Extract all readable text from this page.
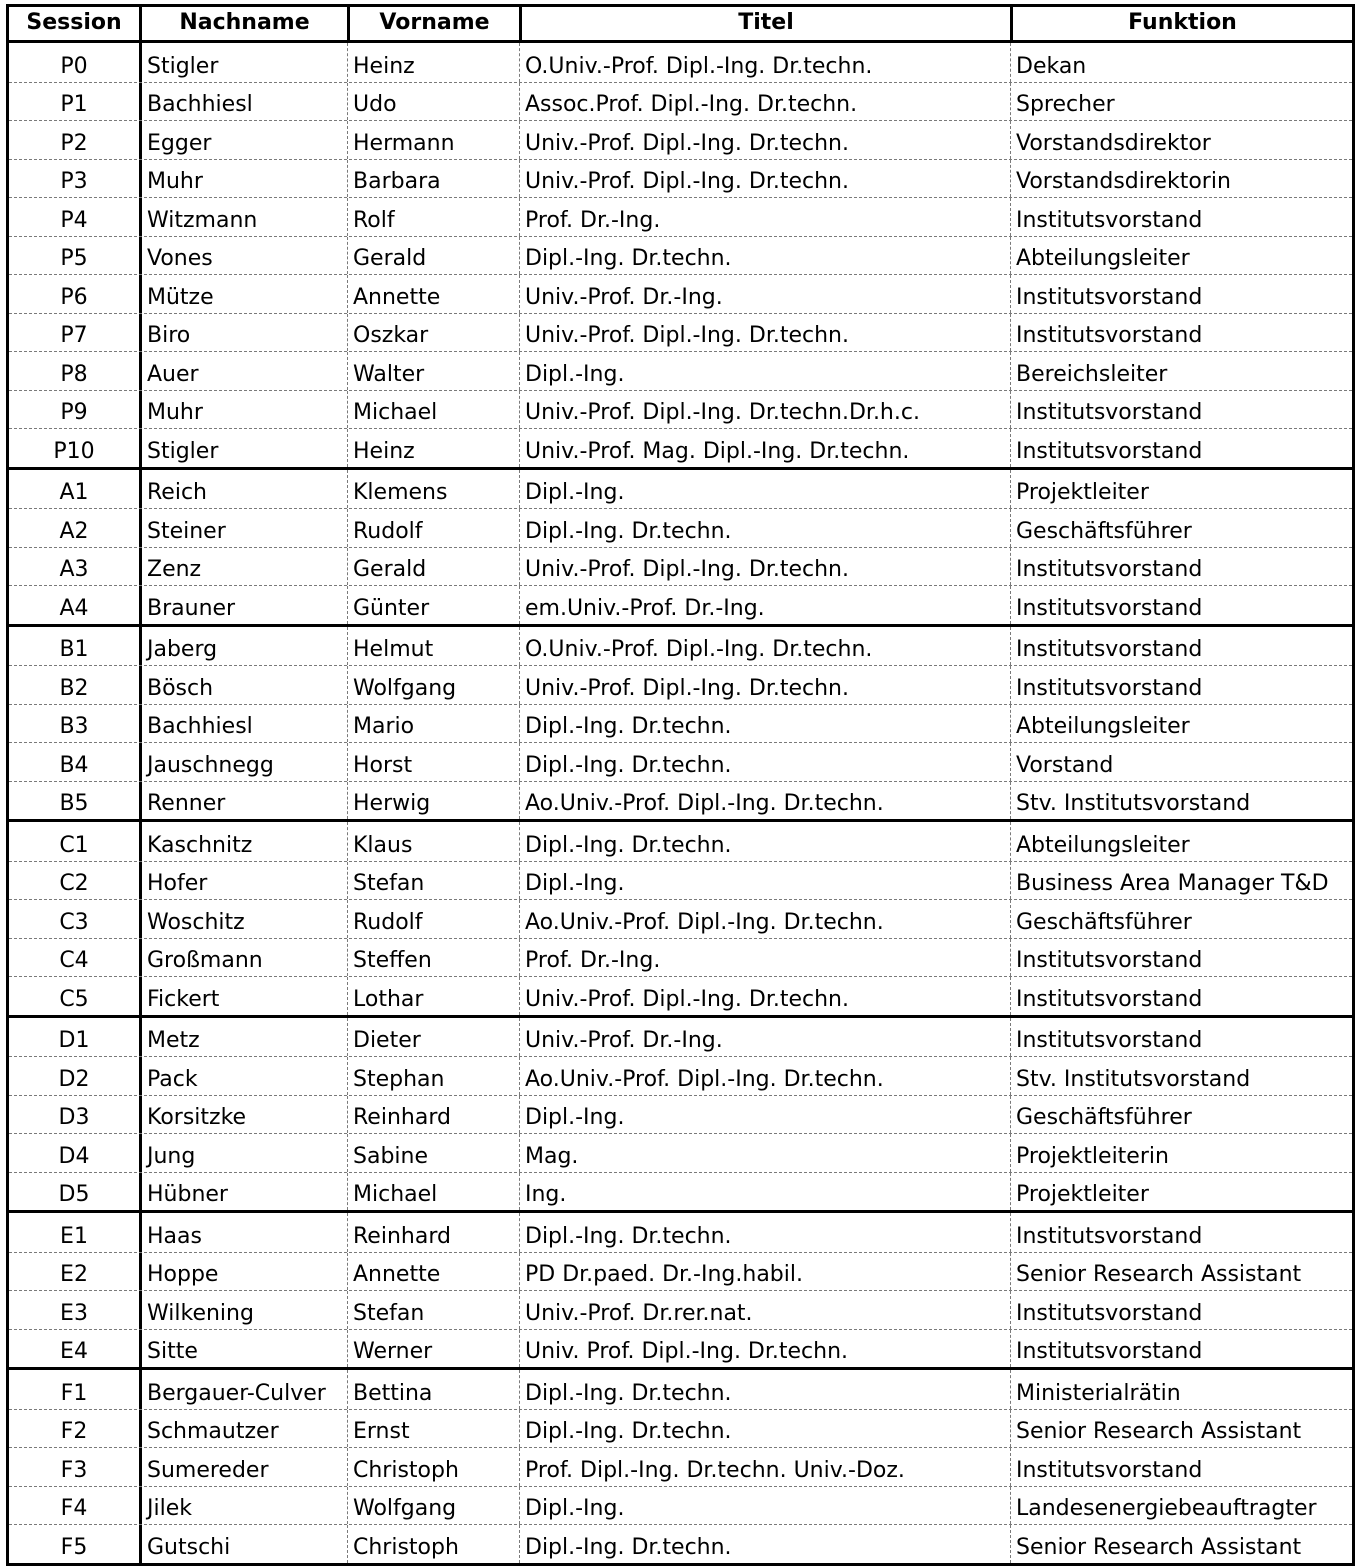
Session	Nachname	Vorname	Titel	Funktion
P0	Stigler	Heinz	O.Univ.-Prof. Dipl.-Ing. Dr.techn.	Dekan
P1	Bachhiesl	Udo	Assoc.Prof. Dipl.-Ing. Dr.techn.	Sprecher
P2	Egger	Hermann	Univ.-Prof. Dipl.-Ing. Dr.techn.	Vorstandsdirektor
P3	Muhr	Barbara	Univ.-Prof. Dipl.-Ing. Dr.techn.	Vorstandsdirektorin
P4	Witzmann	Rolf	Prof. Dr.-Ing.	Institutsvorstand
P5	Vones	Gerald	Dipl.-Ing. Dr.techn.	Abteilungsleiter
P6	Mütze	Annette	Univ.-Prof. Dr.-Ing.	Institutsvorstand
P7	Biro	Oszkar	Univ.-Prof. Dipl.-Ing. Dr.techn.	Institutsvorstand
P8	Auer	Walter	Dipl.-Ing.	Bereichsleiter
P9	Muhr	Michael	Univ.-Prof. Dipl.-Ing. Dr.techn.Dr.h.c.	Institutsvorstand
P10	Stigler	Heinz	Univ.-Prof. Mag. Dipl.-Ing. Dr.techn.	Institutsvorstand
A1	Reich	Klemens	Dipl.-Ing.	Projektleiter
A2	Steiner	Rudolf	Dipl.-Ing. Dr.techn.	Geschäftsführer
A3	Zenz	Gerald	Univ.-Prof. Dipl.-Ing. Dr.techn.	Institutsvorstand
A4	Brauner	Günter	em.Univ.-Prof. Dr.-Ing.	Institutsvorstand
B1	Jaberg	Helmut	O.Univ.-Prof. Dipl.-Ing. Dr.techn.	Institutsvorstand
B2	Bösch	Wolfgang	Univ.-Prof. Dipl.-Ing. Dr.techn.	Institutsvorstand
B3	Bachhiesl	Mario	Dipl.-Ing. Dr.techn.	Abteilungsleiter
B4	Jauschnegg	Horst	Dipl.-Ing. Dr.techn.	Vorstand
B5	Renner	Herwig	Ao.Univ.-Prof. Dipl.-Ing. Dr.techn.	Stv. Institutsvorstand
C1	Kaschnitz	Klaus	Dipl.-Ing. Dr.techn.	Abteilungsleiter
C2	Hofer	Stefan	Dipl.-Ing.	Business Area Manager T&D
C3	Woschitz	Rudolf	Ao.Univ.-Prof. Dipl.-Ing. Dr.techn.	Geschäftsführer
C4	Großmann	Steffen	Prof. Dr.-Ing.	Institutsvorstand
C5	Fickert	Lothar	Univ.-Prof. Dipl.-Ing. Dr.techn.	Institutsvorstand
D1	Metz	Dieter	Univ.-Prof. Dr.-Ing.	Institutsvorstand
D2	Pack	Stephan	Ao.Univ.-Prof. Dipl.-Ing. Dr.techn.	Stv. Institutsvorstand
D3	Korsitzke	Reinhard	Dipl.-Ing.	Geschäftsführer
D4	Jung	Sabine	Mag.	Projektleiterin
D5	Hübner	Michael	Ing.	Projektleiter
E1	Haas	Reinhard	Dipl.-Ing. Dr.techn.	Institutsvorstand
E2	Hoppe	Annette	PD Dr.paed. Dr.-Ing.habil.	Senior Research Assistant
E3	Wilkening	Stefan	Univ.-Prof. Dr.rer.nat.	Institutsvorstand
E4	Sitte	Werner	Univ. Prof. Dipl.-Ing. Dr.techn.	Institutsvorstand
F1	Bergauer-Culver	Bettina	Dipl.-Ing. Dr.techn.	Ministerialrätin
F2	Schmautzer	Ernst	Dipl.-Ing. Dr.techn.	Senior Research Assistant
F3	Sumereder	Christoph	Prof. Dipl.-Ing. Dr.techn. Univ.-Doz.	Institutsvorstand
F4	Jilek	Wolfgang	Dipl.-Ing.	Landesenergiebeauftragter
F5	Gutschi	Christoph	Dipl.-Ing. Dr.techn.	Senior Research Assistant
